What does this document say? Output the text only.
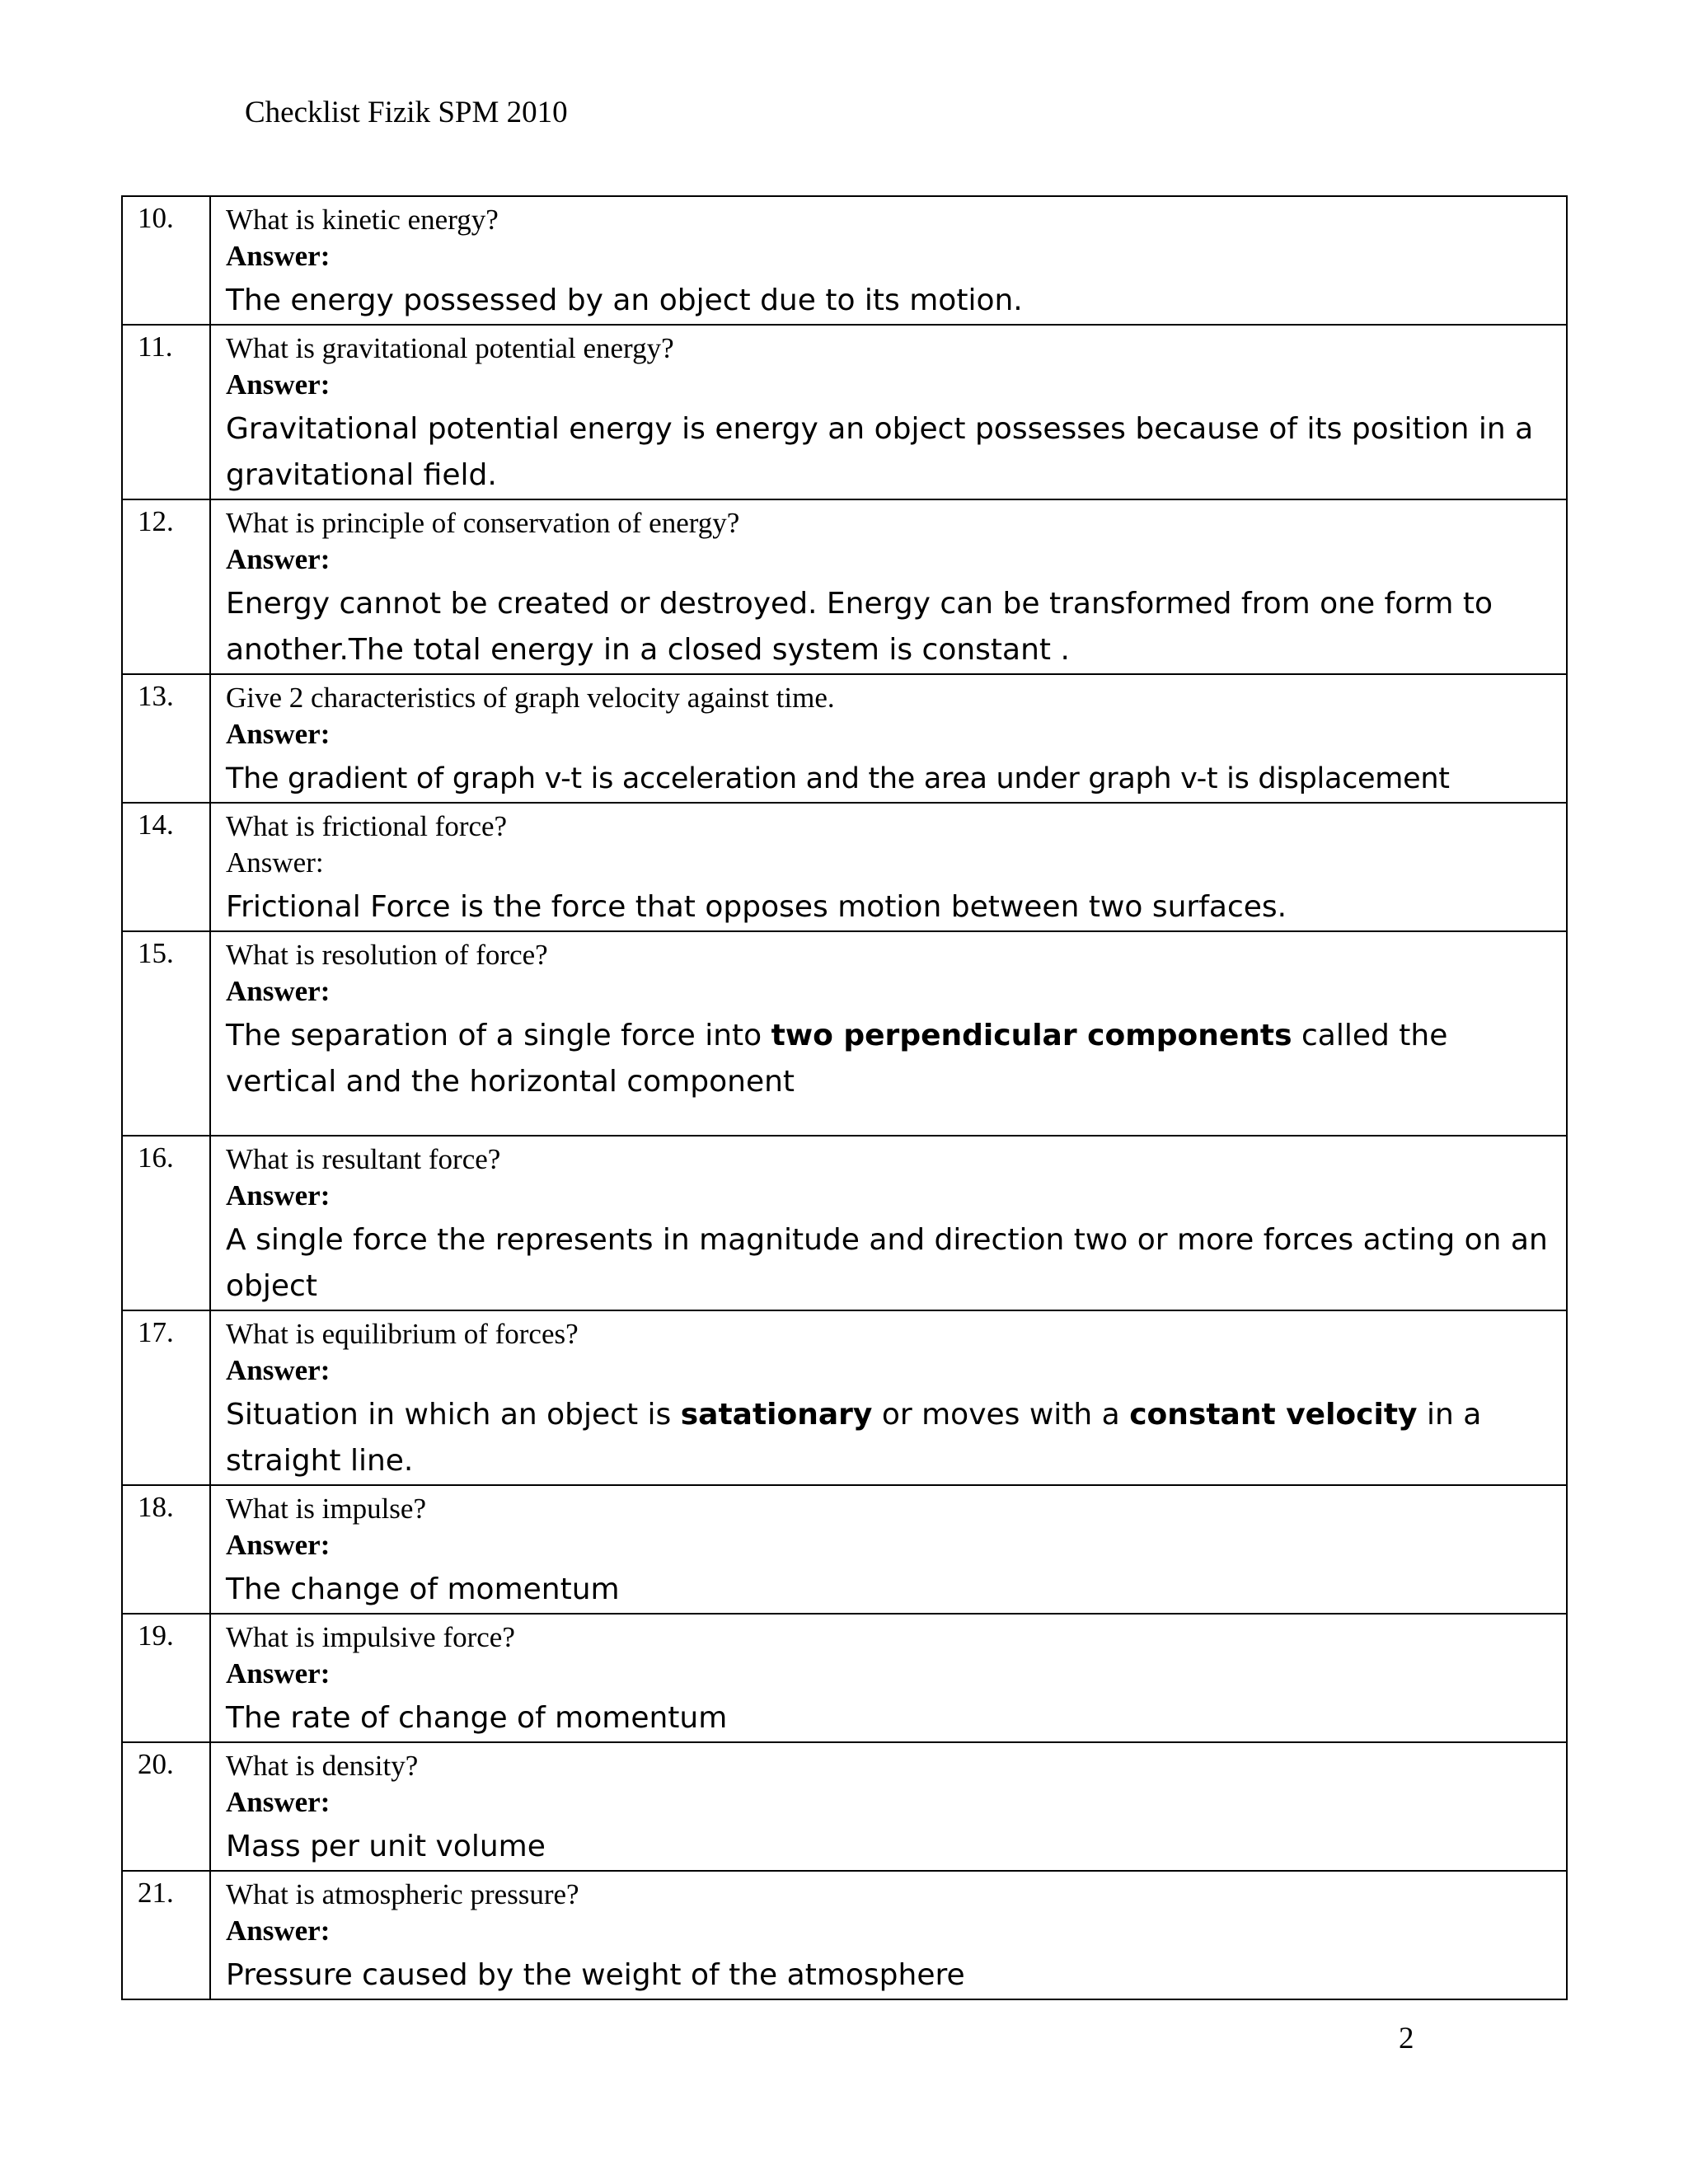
Checklist Fizik SPM 2010
10.	What is kinetic energy?
Answer:
The energy possessed by an object due to its motion.

11.	What is gravitational potential energy?
Answer:
Gravitational potential energy is energy an object possesses because of its position in a gravitational field.

12.	What is principle of conservation of energy?
Answer:
Energy cannot be created or destroyed. Energy can be transformed from one form to another.The total energy in a closed system is constant .

13.	Give 2 characteristics of graph velocity against time.
Answer:
The gradient of graph v-t is acceleration and the area under graph v-t is displacement

14.	What is frictional force?
Answer:
Frictional Force is the force that opposes motion between two surfaces.

15.	What is resolution of force?
Answer:
The separation of a single force into two perpendicular components called the vertical and the horizontal component

16.	What is resultant force?
Answer:
A single force the represents in magnitude and direction two or more forces acting on an object

17.	What is equilibrium of forces?
Answer:
Situation in which an object is satationary or moves with a constant velocity in a straight line.

18.	What is impulse?
Answer:
The change of momentum

19.	What is impulsive force?
Answer:
The rate of change of momentum

20.	What is density?
Answer:
Mass per unit volume

21.	What is atmospheric pressure?
Answer:
Pressure caused by the weight of the atmosphere
2
